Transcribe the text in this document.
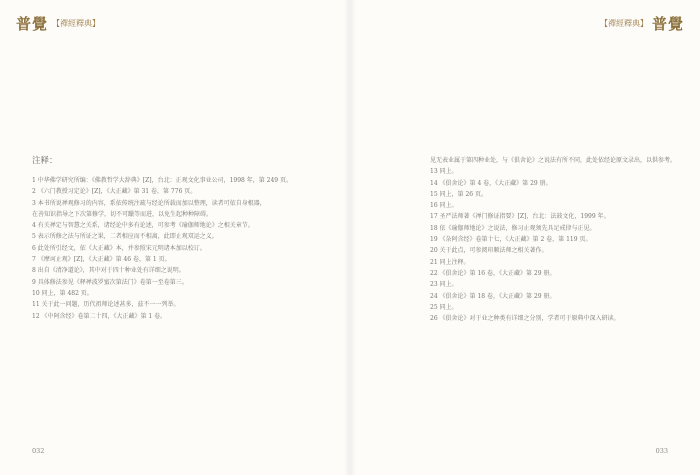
普覺 【禪經釋典】
注释：

1 中华佛学研究所编：《佛教哲学大辞典》[Z]，台北：正观文化事业公司，1998 年，第 249 页。

2 《六门教授习定论》[Z]，《大正藏》第 31 卷，第 776 页。

3 本书所说禅观修习的内容，系依传统注疏与经论所载而加以整理，读者可依自身根器，

在善知识指导之下次第修学，切不可躐等而进，以免生起种种障碍。

4 有关禅定与智慧之关系，诸经论中多有论述，可参考《瑜伽师地论》之相关章节。

5 表示所修之法与所证之果，二者相应而不相离，此即止观双运之义。

6 此处所引经文，依《大正藏》本，并参照宋元明诸本加以校订。

7 《摩诃止观》[Z]，《大正藏》第 46 卷，第 1 页。

8 出自《清净道论》，其中对于四十种业处有详细之说明。

9 具体修法参见《释禅波罗蜜次第法门》卷第一至卷第三。

10 同上，第 482 页。

11 关于此一问题，历代祖师论述甚多，兹不一一列举。

12 《中阿含经》卷第二十四，《大正藏》第 1 卷。

032
【禪經釋典】 普覺

见无表业属于第四种业处，与《俱舍论》之说法有所不同，此处依经论原文录出，以供参考。

13 同上。

14 《俱舍论》第 4 卷，《大正藏》第 29 册。

15 同上，第 26 页。

16 同上。

17 圣严法师著《禅门修证指要》[Z]，台北：法鼓文化，1999 年。

18 依《瑜伽师地论》之说法，修习止观须先具足戒律与正见。

19 《杂阿含经》卷第十七，《大正藏》第 2 卷，第 119 页。

20 关于此点，可参阅印顺法师之相关著作。

21 同上注释。

22 《俱舍论》第 16 卷，《大正藏》第 29 册。

23 同上。

24 《俱舍论》第 18 卷，《大正藏》第 29 册。

25 同上。

26 《俱舍论》对于业之种类有详细之分别，学者可于原典中深入研读。

033
